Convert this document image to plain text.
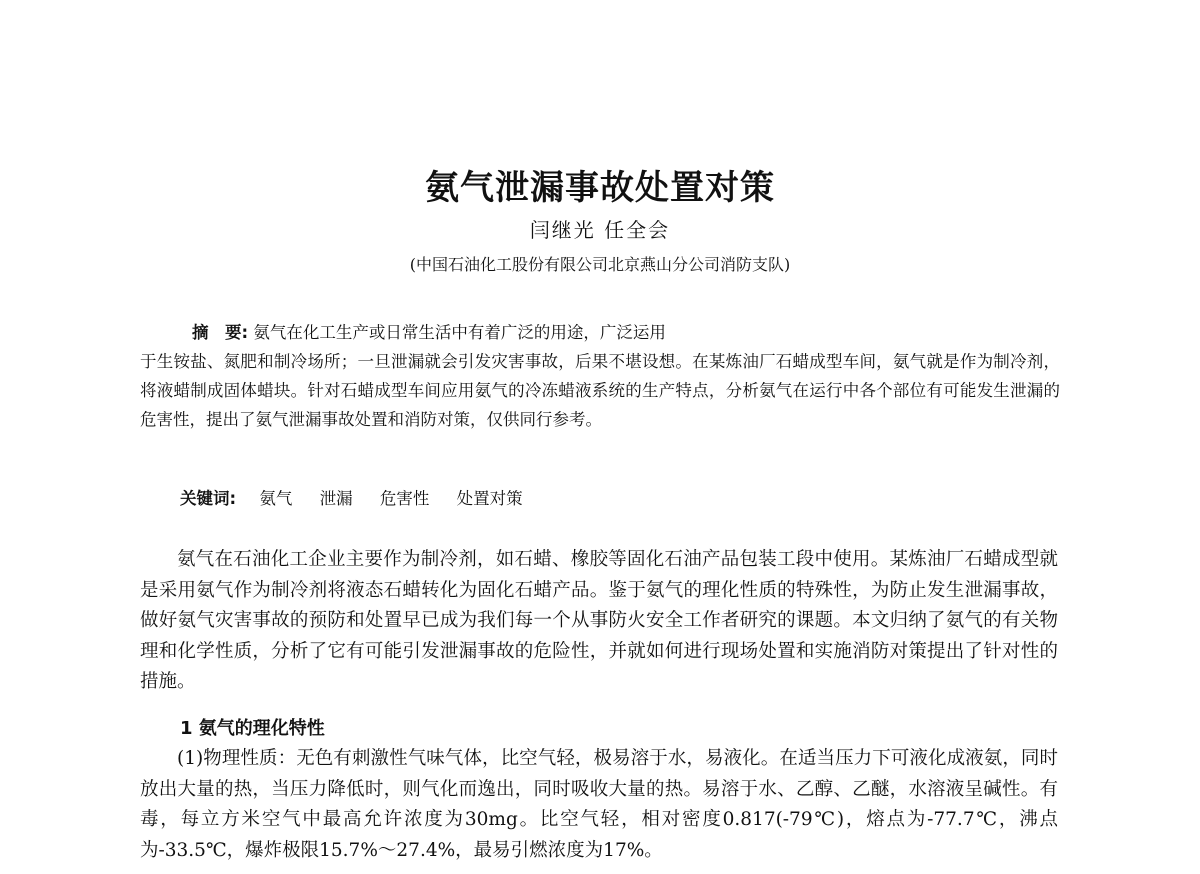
氨气泄漏事故处置对策
闫继光 任全会
(中国石油化工股份有限公司北京燕山分公司消防支队)
摘　要: 氨气在化工生产或日常生活中有着广泛的用途，广泛运用
于生铵盐、氮肥和制冷场所；一旦泄漏就会引发灾害事故，后果不堪设想。在某炼油厂石蜡成型车间，氨气就是作为制冷剂，将液蜡制成固体蜡块。针对石蜡成型车间应用氨气的冷冻蜡液系统的生产特点，分析氨气在运行中各个部位有可能发生泄漏的危害性，提出了氨气泄漏事故处置和消防对策，仅供同行参考。
关键词: 氨气 泄漏 危害性 处置对策

氨气在石油化工企业主要作为制冷剂，如石蜡、橡胶等固化石油产品包装工段中使用。某炼油厂石蜡成型就是采用氨气作为制冷剂将液态石蜡转化为固化石蜡产品。鉴于氨气的理化性质的特殊性，为防止发生泄漏事故，做好氨气灾害事故的预防和处置早已成为我们每一个从事防火安全工作者研究的课题。本文归纳了氨气的有关物理和化学性质，分析了它有可能引发泄漏事故的危险性，并就如何进行现场处置和实施消防对策提出了针对性的措施。

1 氨气的理化特性

(1)物理性质：无色有刺激性气味气体，比空气轻，极易溶于水，易液化。在适当压力下可液化成液氨，同时放出大量的热，当压力降低时，则气化而逸出，同时吸收大量的热。易溶于水、乙醇、乙醚，水溶液呈碱性。有毒，每立方米空气中最高允许浓度为30mg。比空气轻，相对密度0.817(-79℃)，熔点为-77.7℃，沸点为-33.5℃，爆炸极限15.7%～27.4%，最易引燃浓度为17%。
